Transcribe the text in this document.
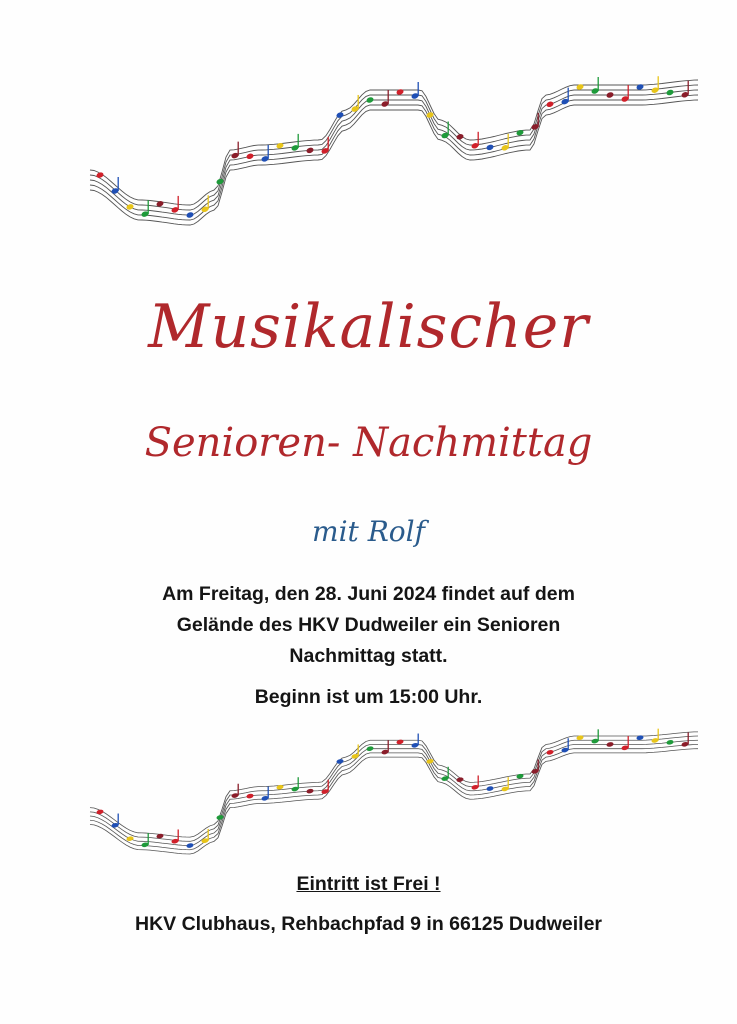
Musikalischer
Senioren- Nachmittag
mit Rolf
Am Freitag, den 28. Juni 2024 findet auf dem
Gelände des HKV Dudweiler ein Senioren
Nachmittag statt.
Beginn ist um 15:00 Uhr.
Eintritt ist Frei !
HKV Clubhaus, Rehbachpfad 9 in 66125 Dudweiler
